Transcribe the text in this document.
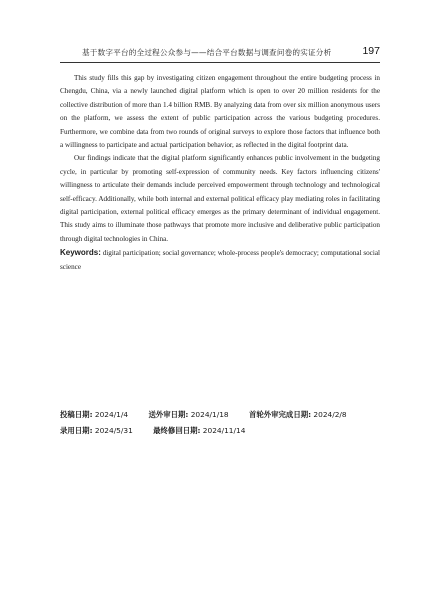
基于数字平台的全过程公众参与——结合平台数据与调查问卷的实证分析	197

This study fills this gap by investigating citizen engagement throughout the entire budgeting process in Chengdu, China, via a newly launched digital platform which is open to over 20 million residents for the collective distribution of more than 1.4 billion RMB. By analyzing data from over six million anonymous users on the platform, we assess the extent of public participation across the various budgeting procedures. Furthermore, we combine data from two rounds of original surveys to explore those factors that influence both a willingness to participate and actual participation behavior, as reflected in the digital footprint data.

Our findings indicate that the digital platform significantly enhances public involvement in the budgeting cycle, in particular by promoting self-expression of community needs. Key factors influencing citizens' willingness to articulate their demands include perceived empowerment through technology and technological self-efficacy. Additionally, while both internal and external political efficacy play mediating roles in facilitating digital participation, external political efficacy emerges as the primary determinant of individual engagement. This study aims to illuminate those pathways that promote more inclusive and deliberative public participation through digital technologies in China.

Keywords: digital participation; social governance; whole-process people's democracy; computational social science

投稿日期: 2024/1/4	送外审日期: 2024/1/18	首轮外审完成日期: 2024/2/8
录用日期: 2024/5/31	最终修回日期: 2024/11/14
